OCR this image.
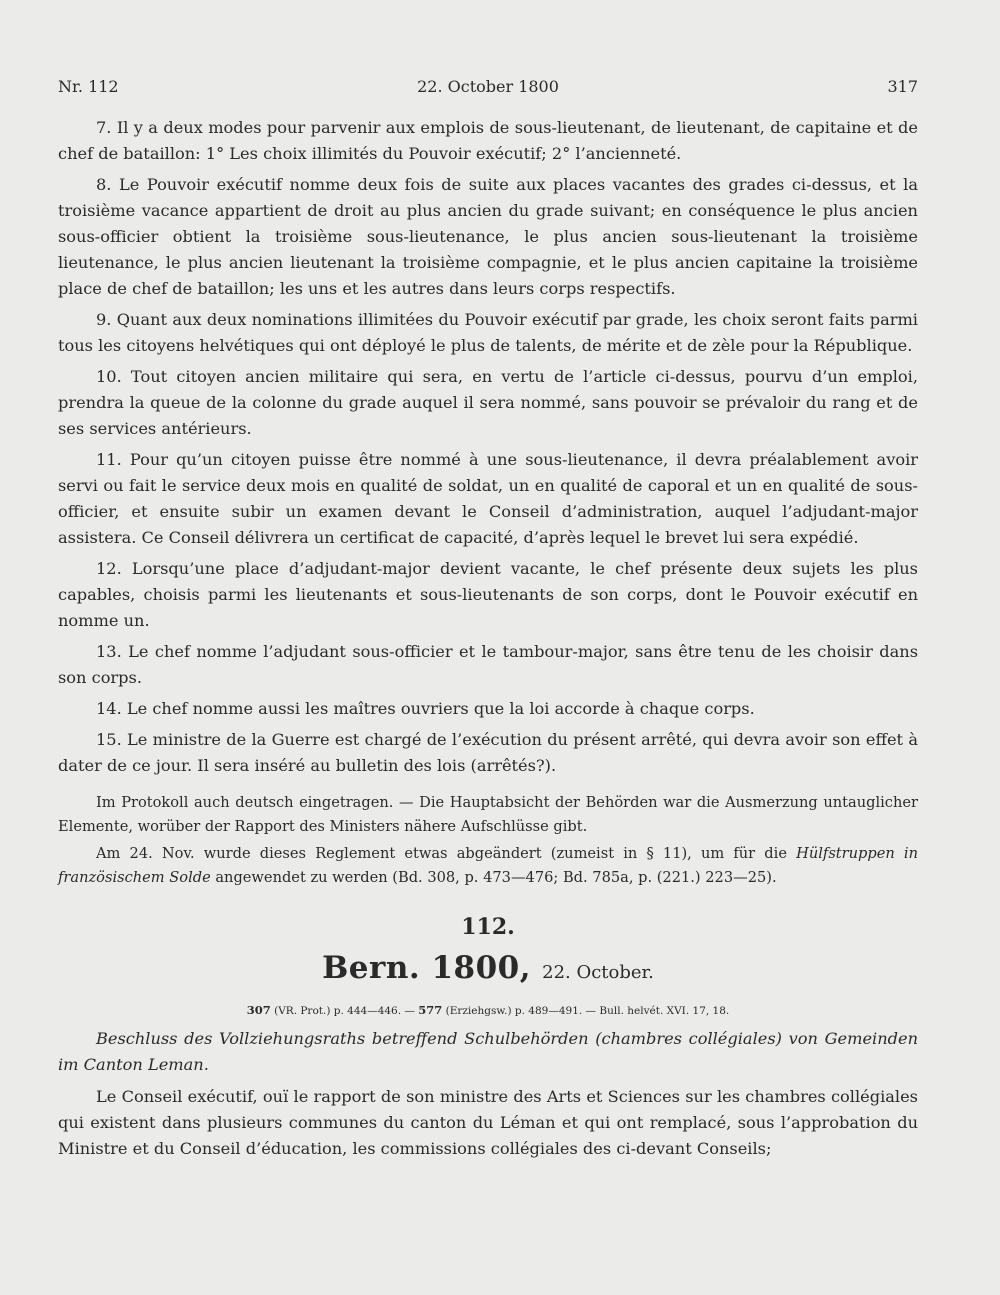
Nr. 112	22. October 1800	317

7. Il y a deux modes pour parvenir aux emplois de sous-lieutenant, de lieutenant, de capitaine et de chef de bataillon: 1° Les choix illimités du Pouvoir exécutif; 2° l’ancienneté.

8. Le Pouvoir exécutif nomme deux fois de suite aux places vacantes des grades ci-dessus, et la troisième vacance appartient de droit au plus ancien du grade suivant; en conséquence le plus ancien sous-officier obtient la troisième sous-lieutenance, le plus ancien sous-lieutenant la troisième lieutenance, le plus ancien lieutenant la troisième compagnie, et le plus ancien capitaine la troisième place de chef de bataillon; les uns et les autres dans leurs corps respectifs.

9. Quant aux deux nominations illimitées du Pouvoir exécutif par grade, les choix seront faits parmi tous les citoyens helvétiques qui ont déployé le plus de talents, de mérite et de zèle pour la République.

10. Tout citoyen ancien militaire qui sera, en vertu de l’article ci-dessus, pourvu d’un emploi, prendra la queue de la colonne du grade auquel il sera nommé, sans pouvoir se prévaloir du rang et de ses services antérieurs.

11. Pour qu’un citoyen puisse être nommé à une sous-lieutenance, il devra préalablement avoir servi ou fait le service deux mois en qualité de soldat, un en qualité de caporal et un en qualité de sous-officier, et ensuite subir un examen devant le Conseil d’administration, auquel l’adjudant-major assistera. Ce Conseil délivrera un certificat de capacité, d’après lequel le brevet lui sera expédié.

12. Lorsqu’une place d’adjudant-major devient vacante, le chef présente deux sujets les plus capables, choisis parmi les lieutenants et sous-lieutenants de son corps, dont le Pouvoir exécutif en nomme un.

13. Le chef nomme l’adjudant sous-officier et le tambour-major, sans être tenu de les choisir dans son corps.

14. Le chef nomme aussi les maîtres ouvriers que la loi accorde à chaque corps.

15. Le ministre de la Guerre est chargé de l’exécution du présent arrêté, qui devra avoir son effet à dater de ce jour. Il sera inséré au bulletin des lois (arrêtés?).

Im Protokoll auch deutsch eingetragen. — Die Hauptabsicht der Behörden war die Ausmerzung untauglicher Elemente, worüber der Rapport des Ministers nähere Aufschlüsse gibt.

Am 24. Nov. wurde dieses Reglement etwas abgeändert (zumeist in § 11), um für die Hülfstruppen in französischem Solde angewendet zu werden (Bd. 308, p. 473—476; Bd. 785a, p. (221.) 223—25).

112.
Bern. 1800, 22. October.
307 (VR. Prot.) p. 444—446. — 577 (Erziehgsw.) p. 489—491. — Bull. helvét. XVI. 17, 18.

Beschluss des Vollziehungsraths betreffend Schulbehörden (chambres collégiales) von Gemeinden im Canton Leman.

Le Conseil exécutif, ouï le rapport de son ministre des Arts et Sciences sur les chambres collégiales qui existent dans plusieurs communes du canton du Léman et qui ont remplacé, sous l’approbation du Ministre et du Conseil d’éducation, les commissions collégiales des ci-devant Conseils;
